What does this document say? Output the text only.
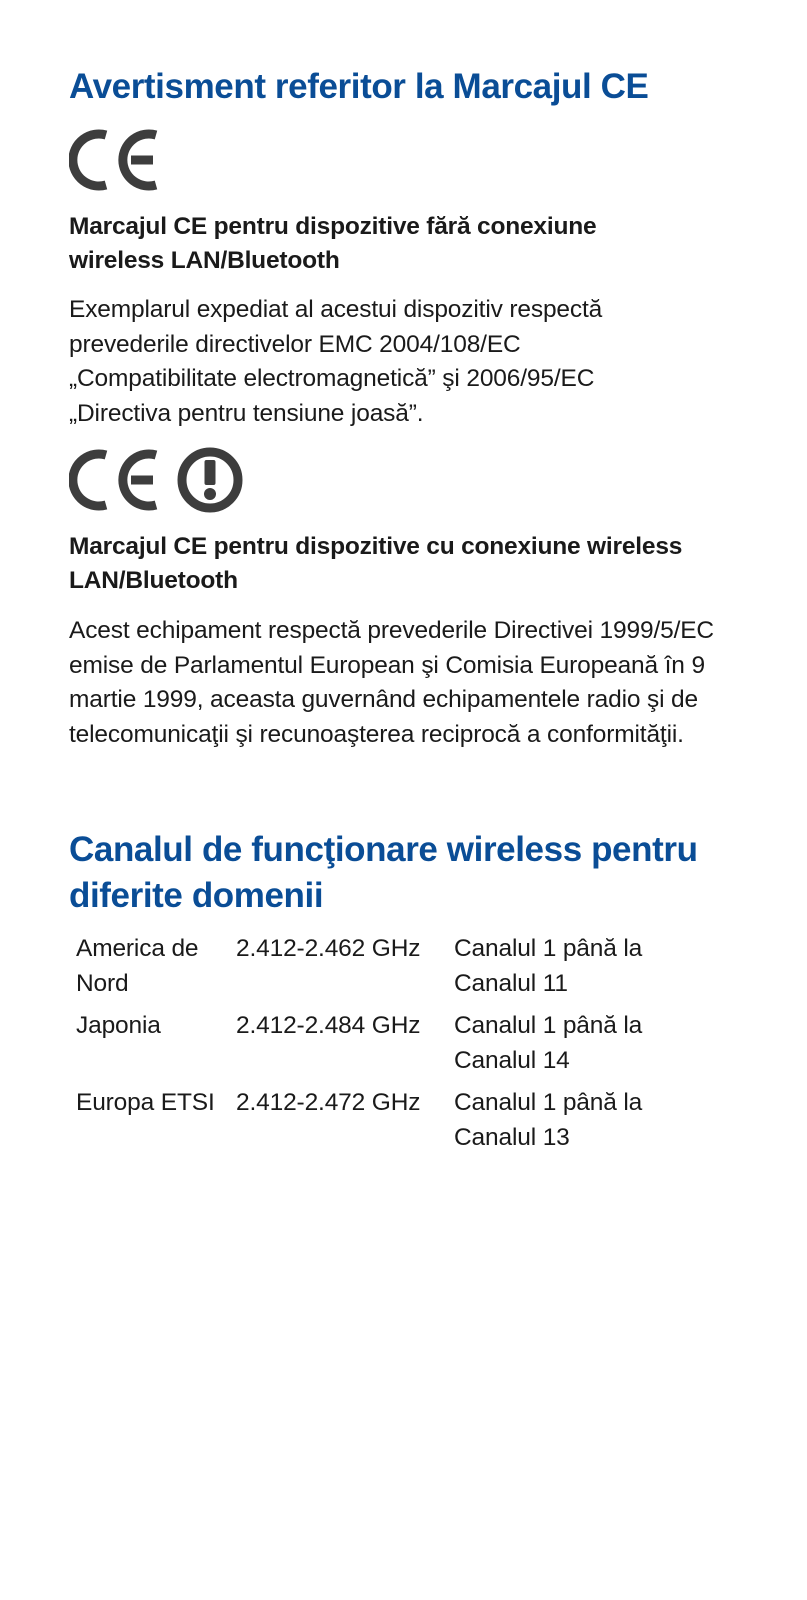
Avertisment referitor la Marcajul CE
Marcajul CE pentru dispozitive fără conexiune wireless LAN/Bluetooth

Exemplarul expediat al acestui dispozitiv respectă prevederile directivelor EMC 2004/108/EC „Compatibilitate electromagnetică” şi 2006/95/EC „Directiva pentru tensiune joasă”.

Marcajul CE pentru dispozitive cu conexiune wireless LAN/Bluetooth

Acest echipament respectă prevederile Directivei 1999/5/EC emise de Parlamentul European şi Comisia Europeană în 9 martie 1999, aceasta guvernând echipamentele radio şi de telecomunicaţii şi recunoaşterea reciprocă a conformităţii.

Canalul de funcţionare wireless pentru diferite domenii
America de Nord	2.412-2.462 GHz	Canalul 1 până la Canalul 11
Japonia	2.412-2.484 GHz	Canalul 1 până la Canalul 14
Europa ETSI	2.412-2.472 GHz	Canalul 1 până la Canalul 13
